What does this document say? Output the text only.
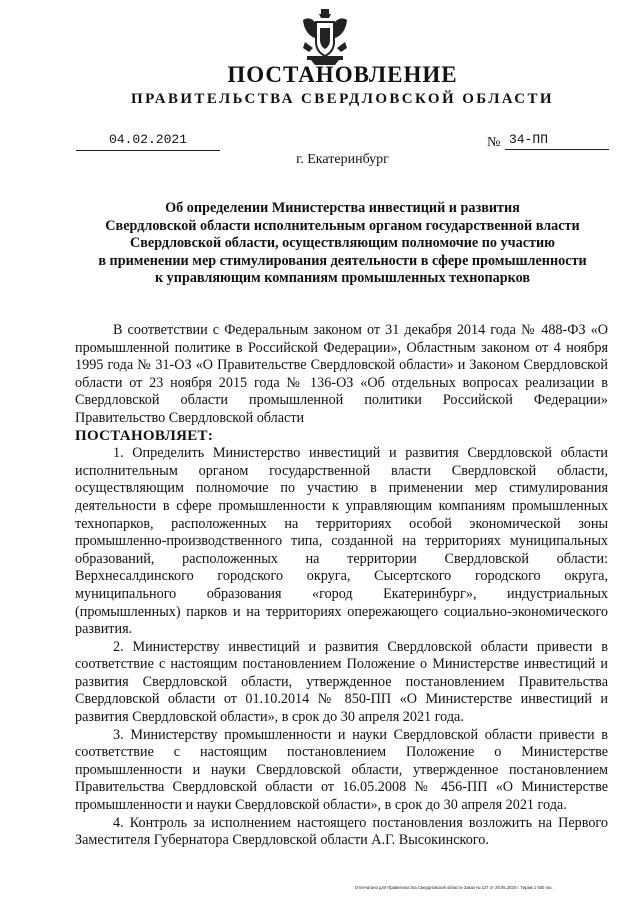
ПОСТАНОВЛЕНИЕ
ПРАВИТЕЛЬСТВА СВЕРДЛОВСКОЙ ОБЛАСТИ
04.02.2021	№ 34-ПП
г. Екатеринбург
Об определении Министерства инвестиций и развития
Свердловской области исполнительным органом государственной власти
Свердловской области, осуществляющим полномочие по участию
в применении мер стимулирования деятельности в сфере промышленности
к управляющим компаниям промышленных технопарков
В соответствии с Федеральным законом от 31 декабря 2014 года № 488-ФЗ «О промышленной политике в Российской Федерации», Областным законом от 4 ноября 1995 года № 31-ОЗ «О Правительстве Свердловской области» и Законом Свердловской области от 23 ноября 2015 года № 136-ОЗ «Об отдельных вопросах реализации в Свердловской области промышленной политики Российской Федерации» Правительство Свердловской области
ПОСТАНОВЛЯЕТ:
1. Определить Министерство инвестиций и развития Свердловской области исполнительным органом государственной власти Свердловской области, осуществляющим полномочие по участию в применении мер стимулирования деятельности в сфере промышленности к управляющим компаниям промышленных технопарков, расположенных на территориях особой экономической зоны промышленно-производственного типа, созданной на территориях муниципальных образований, расположенных на территории Свердловской области: Верхнесалдинского городского округа, Сысертского городского округа, муниципального образования «город Екатеринбург», индустриальных (промышленных) парков и на территориях опережающего социально-экономического развития.
2. Министерству инвестиций и развития Свердловской области привести в соответствие с настоящим постановлением Положение о Министерстве инвестиций и развития Свердловской области, утвержденное постановлением Правительства Свердловской области от 01.10.2014 № 850-ПП «О Министерстве инвестиций и развития Свердловской области», в срок до 30 апреля 2021 года.
3. Министерству промышленности и науки Свердловской области привести в соответствие с настоящим постановлением Положение о Министерстве промышленности и науки Свердловской области, утвержденное постановлением Правительства Свердловской области от 16.05.2008 № 456-ПП «О Министерстве промышленности и науки Свердловской области», в срок до 30 апреля 2021 года.
4. Контроль за исполнением настоящего постановления возложить на Первого Заместителя Губернатора Свердловской области А.Г. Высокинского.
Отпечатано для Правительства Свердловской области Заказ № 127 от 29.05.2020 г. Тираж 1 500 экз.
